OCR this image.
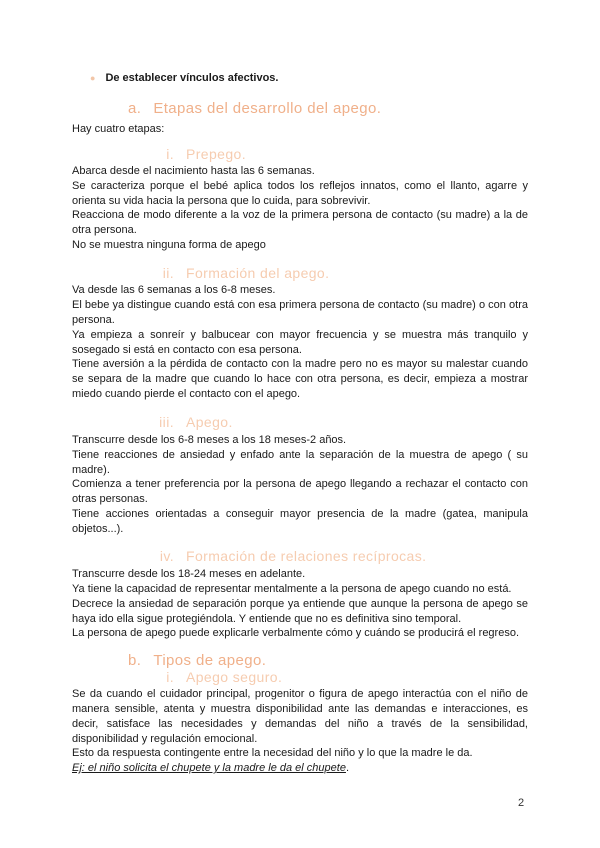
● De establecer vínculos afectivos.
a. Etapas del desarrollo del apego.
Hay cuatro etapas:
i. Prepego.
Abarca desde el nacimiento hasta las 6 semanas.
Se caracteriza porque el bebé aplica todos los reflejos innatos, como el llanto, agarre y orienta su vida hacia la persona que lo cuida, para sobrevivir.
Reacciona de modo diferente a la voz de la primera persona de contacto (su madre) a la de otra persona.
No se muestra ninguna forma de apego
ii. Formación del apego.
Va desde las 6 semanas a los 6-8 meses.
El bebe ya distingue cuando está con esa primera persona de contacto (su madre) o con otra persona.
Ya empieza a sonreír y balbucear con mayor frecuencia y se muestra más tranquilo y sosegado si está en contacto con esa persona.
Tiene aversión a la pérdida de contacto con la madre pero no es mayor su malestar cuando se separa de la madre que cuando lo hace con otra persona, es decir, empieza a mostrar miedo cuando pierde el contacto con el apego.
iii. Apego.
Transcurre desde los 6-8 meses a los 18 meses-2 años.
Tiene reacciones de ansiedad y enfado ante la separación de la muestra de apego ( su madre).
Comienza a tener preferencia por la persona de apego llegando a rechazar el contacto con otras personas.
Tiene acciones orientadas a conseguir mayor presencia de la madre (gatea, manipula objetos...).
iv. Formación de relaciones recíprocas.
Transcurre desde los 18-24 meses en adelante.
Ya tiene la capacidad de representar mentalmente a la persona de apego cuando no está.
Decrece la ansiedad de separación porque ya entiende que aunque la persona de apego se haya ido ella sigue protegiéndola. Y entiende que no es definitiva sino temporal.
La persona de apego puede explicarle verbalmente cómo y cuándo se producirá el regreso.
b. Tipos de apego.
i. Apego seguro.
Se da cuando el cuidador principal, progenitor o figura de apego interactúa con el niño de manera sensible, atenta y muestra disponibilidad ante las demandas e interacciones, es decir, satisface las necesidades y demandas del niño a través de la sensibilidad, disponibilidad y regulación emocional.
Esto da respuesta contingente entre la necesidad del niño y lo que la madre le da.
Ej: el niño solicita el chupete y la madre le da el chupete.
2
